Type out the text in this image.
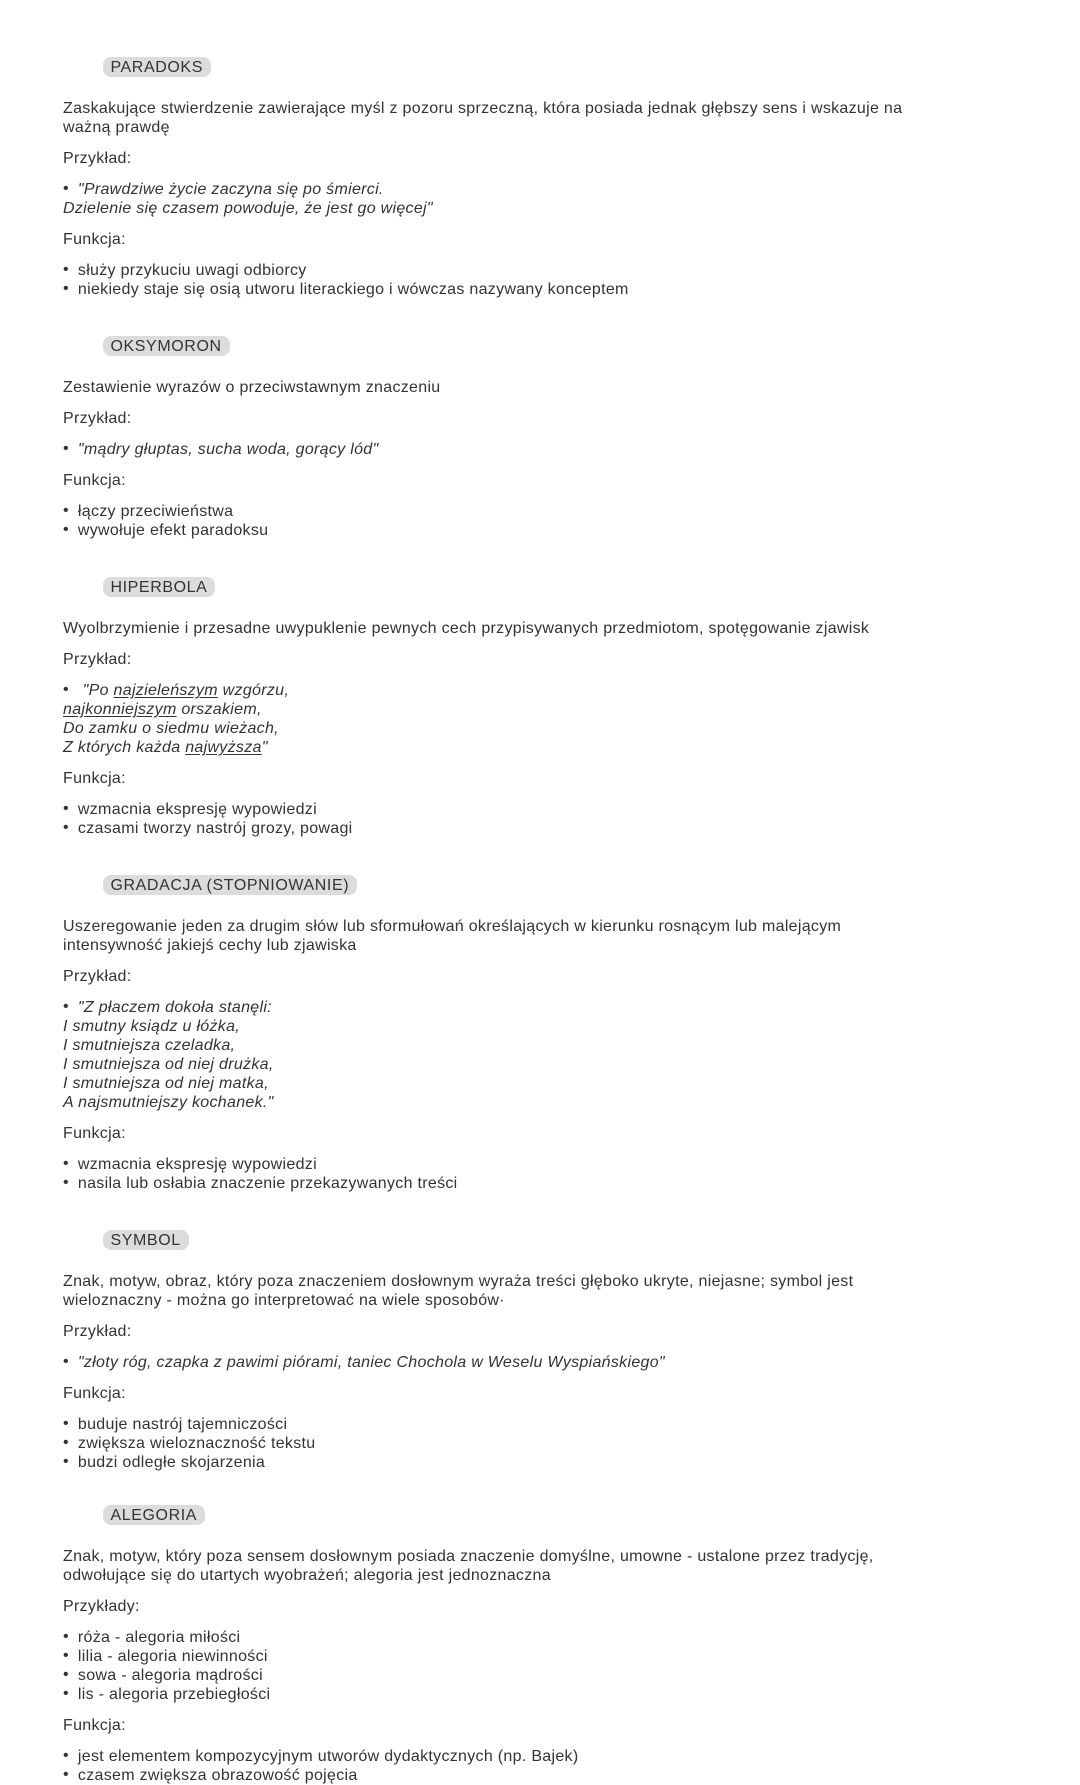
PARADOKS

Zaskakujące stwierdzenie zawierające myśl z pozoru sprzeczną, która posiada jednak głębszy sens i wskazuje na
ważną prawdę
Przykład:
• "Prawdziwe życie zaczyna się po śmierci.
Dzielenie się czasem powoduje, że jest go więcej"
Funkcja:
• służy przykuciu uwagi odbiorcy
• niekiedy staje się osią utworu literackiego i wówczas nazywany konceptem

OKSYMORON

Zestawienie wyrazów o przeciwstawnym znaczeniu
Przykład:
• "mądry głuptas, sucha woda, gorący lód"
Funkcja:
• łączy przeciwieństwa
• wywołuje efekt paradoksu

HIPERBOLA

Wyolbrzymienie i przesadne uwypuklenie pewnych cech przypisywanych przedmiotom, spotęgowanie zjawisk
Przykład:
• "Po najzieleńszym wzgórzu,
najkonniejszym orszakiem,
Do zamku o siedmu wieżach,
Z których każda najwyższa"
Funkcja:
• wzmacnia ekspresję wypowiedzi
• czasami tworzy nastrój grozy, powagi

GRADACJA (STOPNIOWANIE)

Uszeregowanie jeden za drugim słów lub sformułowań określających w kierunku rosnącym lub malejącym
intensywność jakiejś cechy lub zjawiska
Przykład:
• "Z płaczem dokoła stanęli:
I smutny ksiądz u łóżka,
I smutniejsza czeladka,
I smutniejsza od niej drużka,
I smutniejsza od niej matka,
A najsmutniejszy kochanek."
Funkcja:
• wzmacnia ekspresję wypowiedzi
• nasila lub osłabia znaczenie przekazywanych treści

SYMBOL

Znak, motyw, obraz, który poza znaczeniem dosłownym wyraża treści głęboko ukryte, niejasne; symbol jest
wieloznaczny - można go interpretować na wiele sposobów·
Przykład:
• "złoty róg, czapka z pawimi piórami, taniec Chochola w Weselu Wyspiańskiego"
Funkcja:
• buduje nastrój tajemniczości
• zwiększa wieloznaczność tekstu
• budzi odległe skojarzenia

ALEGORIA

Znak, motyw, który poza sensem dosłownym posiada znaczenie domyślne, umowne - ustalone przez tradycję,
odwołujące się do utartych wyobrażeń; alegoria jest jednoznaczna
Przykłady:
• róża - alegoria miłości
• lilia - alegoria niewinności
• sowa - alegoria mądrości
• lis - alegoria przebiegłości
Funkcja:
• jest elementem kompozycyjnym utworów dydaktycznych (np. Bajek)
• czasem zwiększa obrazowość pojęcia
